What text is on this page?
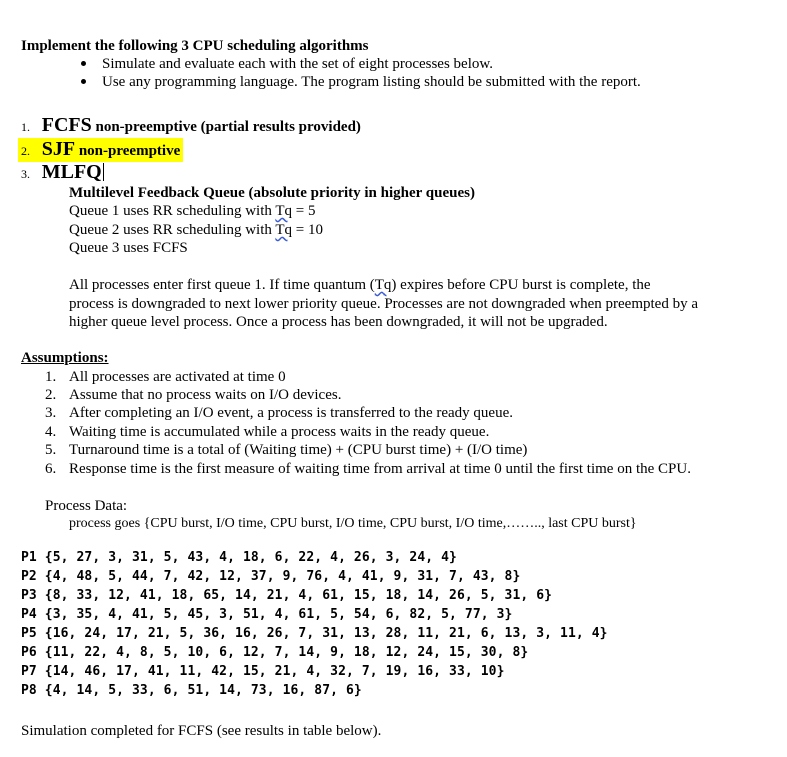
Implement the following 3 CPU scheduling algorithms
Simulate and evaluate each with the set of eight processes below.
Use any programming language. The program listing should be submitted with the report.
1. FCFS non-preemptive (partial results provided)
2. SJF non-preemptive
3. MLFQ
Multilevel Feedback Queue (absolute priority in higher queues)
Queue 1 uses RR scheduling with Tq = 5
Queue 2 uses RR scheduling with Tq = 10
Queue 3 uses FCFS
All processes enter first queue 1. If time quantum (Tq) expires before CPU burst is complete, the
process is downgraded to next lower priority queue. Processes are not downgraded when preempted by a
higher queue level process. Once a process has been downgraded, it will not be upgraded.
Assumptions:
1. All processes are activated at time 0
2. Assume that no process waits on I/O devices.
3. After completing an I/O event, a process is transferred to the ready queue.
4. Waiting time is accumulated while a process waits in the ready queue.
5. Turnaround time is a total of (Waiting time) + (CPU burst time) + (I/O time)
6. Response time is the first measure of waiting time from arrival at time 0 until the first time on the CPU.
Process Data:
process goes {CPU burst, I/O time, CPU burst, I/O time, CPU burst, I/O time,…….., last CPU burst}
P1 {5, 27, 3, 31, 5, 43, 4, 18, 6, 22, 4, 26, 3, 24, 4}
P2 {4, 48, 5, 44, 7, 42, 12, 37, 9, 76, 4, 41, 9, 31, 7, 43, 8}
P3 {8, 33, 12, 41, 18, 65, 14, 21, 4, 61, 15, 18, 14, 26, 5, 31, 6}
P4 {3, 35, 4, 41, 5, 45, 3, 51, 4, 61, 5, 54, 6, 82, 5, 77, 3}
P5 {16, 24, 17, 21, 5, 36, 16, 26, 7, 31, 13, 28, 11, 21, 6, 13, 3, 11, 4}
P6 {11, 22, 4, 8, 5, 10, 6, 12, 7, 14, 9, 18, 12, 24, 15, 30, 8}
P7 {14, 46, 17, 41, 11, 42, 15, 21, 4, 32, 7, 19, 16, 33, 10}
P8 {4, 14, 5, 33, 6, 51, 14, 73, 16, 87, 6}
Simulation completed for FCFS (see results in table below).
